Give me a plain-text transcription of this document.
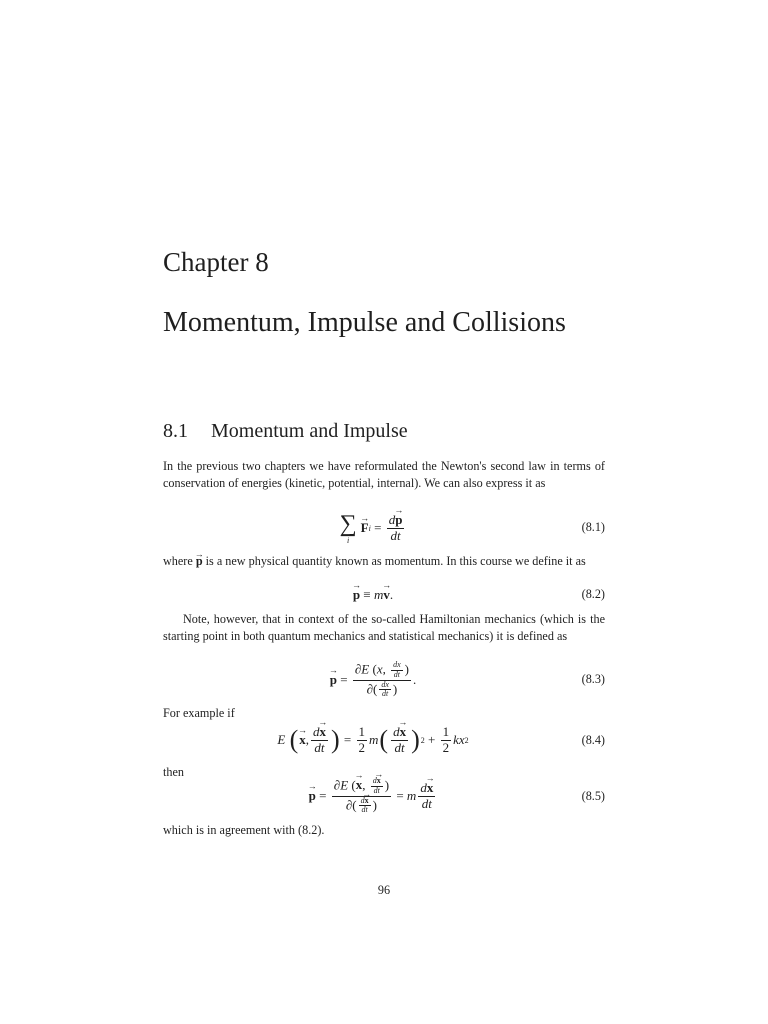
Chapter 8
Momentum, Impulse and Collisions
8.1 Momentum and Impulse

In the previous two chapters we have reformulated the Newton's second law in terms of conservation of energies (kinetic, potential, internal). We can also express it as

∑
i
→ F $i = \frac{d\to p}{dt}$	(8.1)

where → p is a new physical quantity known as momentum. In this course we define it as

→ p ≡ m → v .	(8.2)

Note, however, that in context of the so-called Hamiltonian mechanics (which is the starting point in both quantum mechanics and statistical mechanics) it is defined as

→ $p = \frac{\partial E (x, \frac{dx}{dt} )}{\partial( \frac{dx}{dt} )}$ .	(8.3)

For example if

E
( → x , $\frac{d\to x}{dt}$ ) = $\frac{1}{2}$ m ( $\frac{d\to x}{dt}$ ) $2 + \frac{1}{2}$ kx 2	(8.4)

then

→ $p = \frac{\partial E (\to x, \frac{d\to x}{dt} )}{\partial( \frac{d\to x}{dt} )} = m \frac{d\to x}{dt}$	(8.5)

which is in agreement with (8.2).

96
